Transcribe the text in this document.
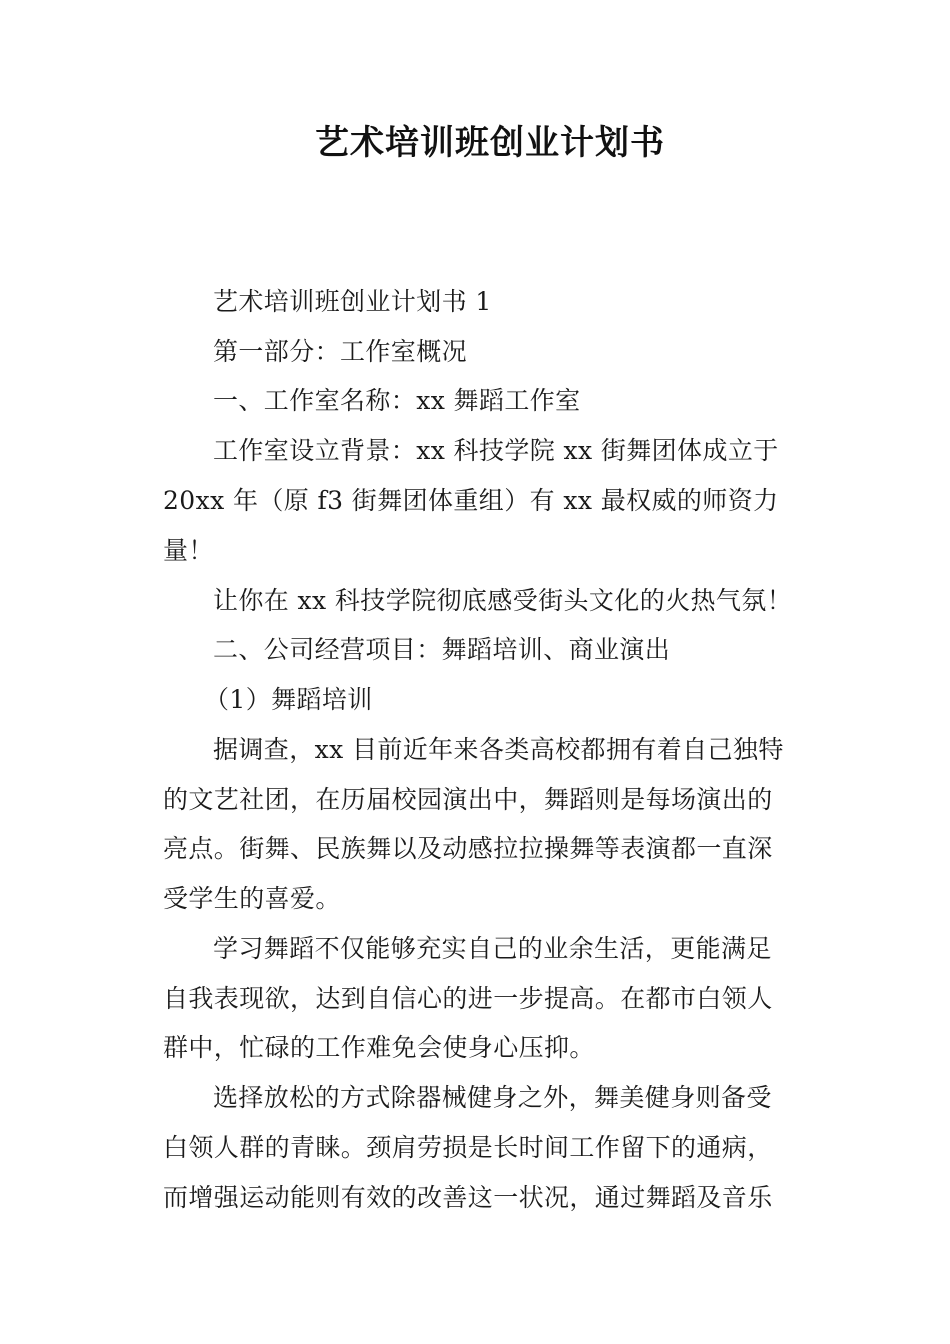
艺术培训班创业计划书
艺术培训班创业计划书 1
第一部分：工作室概况
一、工作室名称：xx 舞蹈工作室
工作室设立背景：xx 科技学院 xx 街舞团体成立于
20xx 年（原 f3 街舞团体重组）有 xx 最权威的师资力
量！
让你在 xx 科技学院彻底感受街头文化的火热气氛！
二、公司经营项目：舞蹈培训、商业演出
（1）舞蹈培训
据调查，xx 目前近年来各类高校都拥有着自己独特
的文艺社团，在历届校园演出中，舞蹈则是每场演出的
亮点。街舞、民族舞以及动感拉拉操舞等表演都一直深
受学生的喜爱。
学习舞蹈不仅能够充实自己的业余生活，更能满足
自我表现欲，达到自信心的进一步提高。在都市白领人
群中，忙碌的工作难免会使身心压抑。
选择放松的方式除器械健身之外，舞美健身则备受
白领人群的青睐。颈肩劳损是长时间工作留下的通病，
而增强运动能则有效的改善这一状况，通过舞蹈及音乐
